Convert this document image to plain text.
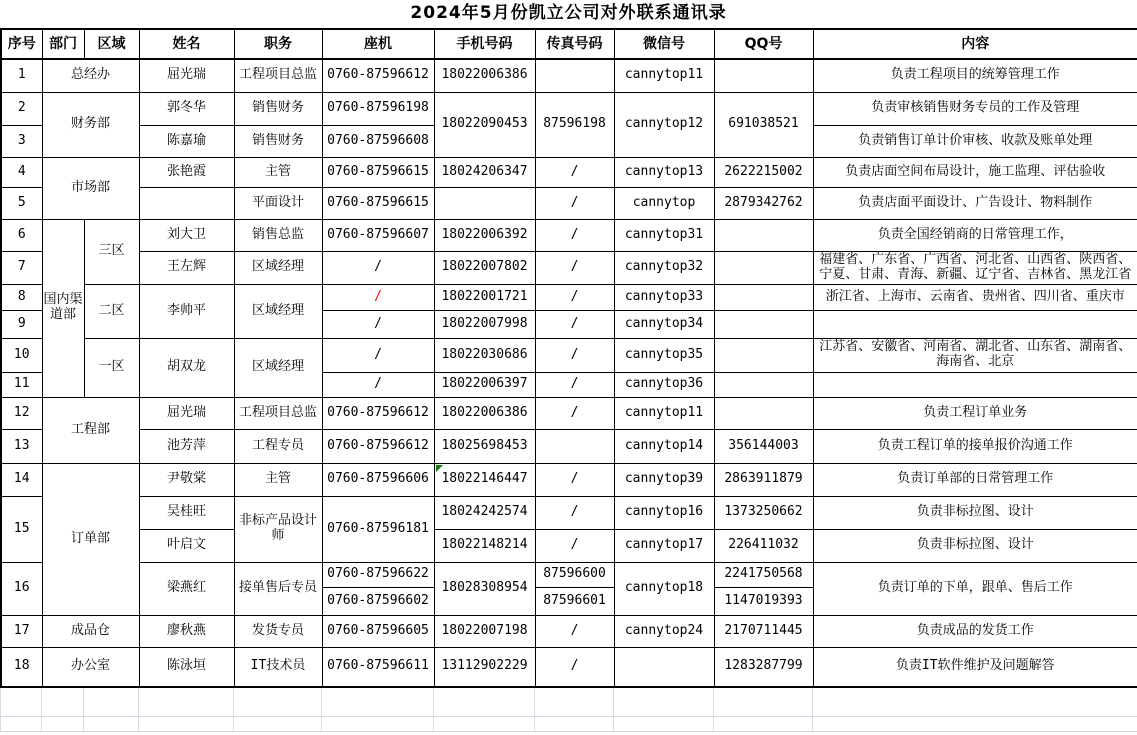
2024年5月份凯立公司对外联系通讯录
序号	部门	区域	姓名	职务	座机	手机号码	传真号码	微信号	QQ号	内容
1	总经办		屈光瑞	工程项目总监	0760-87596612	18022006386		cannytop11		负责工程项目的统筹管理工作
2	财务部		郭冬华	销售财务	0760-87596198	18022090453	87596198	cannytop12	691038521	负责审核销售财务专员的工作及管理
3			陈嘉瑜	销售财务	0760-87596608					负责销售订单计价审核、收款及账单处理
4	市场部		张艳霞	主管	0760-87596615	18024206347	/	cannytop13	2622215002	负责店面空间布局设计，施工监理、评估验收
5				平面设计	0760-87596615		/	cannytop	2879342762	负责店面平面设计、广告设计、物料制作
6	国内渠道部	三区	刘大卫	销售总监	0760-87596607	18022006392	/	cannytop31		负责全国经销商的日常管理工作，
7			王左辉	区域经理	/	18022007802	/	cannytop32		福建省、广东省、广西省、河北省、山西省、陕西省、宁夏、甘肃、青海、新疆、辽宁省、吉林省、黑龙江省
8		二区	李帅平	区域经理	/	18022001721	/	cannytop33		浙江省、上海市、云南省、贵州省、四川省、重庆市
9					/	18022007998	/	cannytop34		
10		一区	胡双龙	区域经理	/	18022030686	/	cannytop35		江苏省、安徽省、河南省、湖北省、山东省、湖南省、海南省、北京
11					/	18022006397	/	cannytop36		
12	工程部		屈光瑞	工程项目总监	0760-87596612	18022006386	/	cannytop11		负责工程订单业务
13			池芳萍	工程专员	0760-87596612	18025698453		cannytop14	356144003	负责工程订单的接单报价沟通工作
14	订单部		尹敬棠	主管	0760-87596606	18022146447	/	cannytop39	2863911879	负责订单部的日常管理工作
15			吴桂旺	非标产品设计师	0760-87596181	18024242574	/	cannytop16	1373250662	负责非标拉图、设计
			叶启文			18022148214	/	cannytop17	226411032	负责非标拉图、设计
16			梁燕红	接单售后专员	0760-87596622	18028308954	87596600	cannytop18	2241750568	负责订单的下单，跟单、售后工作
					0760-87596602		87596601		1147019393	
17	成品仓		廖秋燕	发货专员	0760-87596605	18022007198	/	cannytop24	2170711445	负责成品的发货工作
18	办公室		陈泳垣	IT技术员	0760-87596611	13112902229	/		1283287799	负责IT软件维护及问题解答
